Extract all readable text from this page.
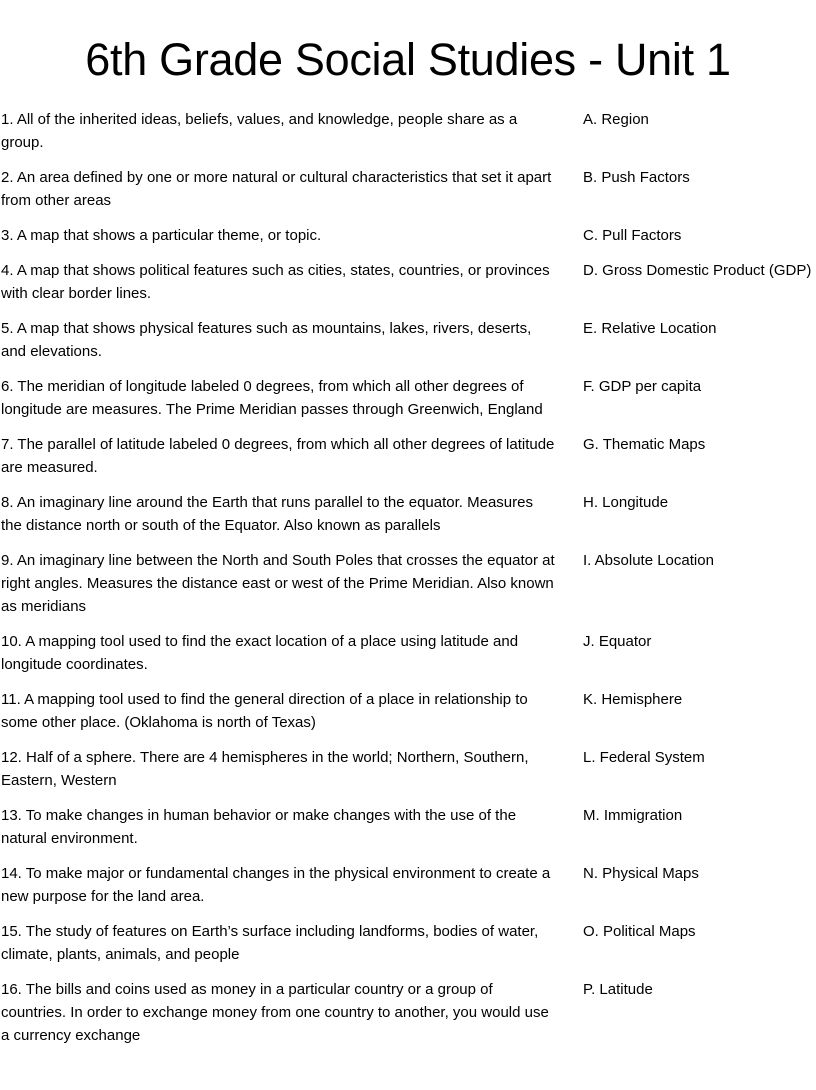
6th Grade Social Studies - Unit 1
1. All of the inherited ideas, beliefs, values, and knowledge, people share as a group.
A. Region
2. An area defined by one or more natural or cultural characteristics that set it apart from other areas
B. Push Factors
3. A map that shows a particular theme, or topic.	C. Pull Factors
4. A map that shows political features such as cities, states, countries, or provinces with clear border lines.
D. Gross Domestic Product (GDP)
5. A map that shows physical features such as mountains, lakes, rivers, deserts, and elevations.
E. Relative Location
6. The meridian of longitude labeled 0 degrees, from which all other degrees of longitude are measures. The Prime Meridian passes through Greenwich, England
F. GDP per capita
7. The parallel of latitude labeled 0 degrees, from which all other degrees of latitude are measured.
G. Thematic Maps
8. An imaginary line around the Earth that runs parallel to the equator. Measures the distance north or south of the Equator. Also known as parallels
H. Longitude
9. An imaginary line between the North and South Poles that crosses the equator at right angles. Measures the distance east or west of the Prime Meridian. Also known as meridians
I. Absolute Location
10. A mapping tool used to find the exact location of a place using latitude and longitude coordinates.
J. Equator
11. A mapping tool used to find the general direction of a place in relationship to some other place. (Oklahoma is north of Texas)
K. Hemisphere
12. Half of a sphere. There are 4 hemispheres in the world; Northern, Southern, Eastern, Western
L. Federal System
13. To make changes in human behavior or make changes with the use of the natural environment.
M. Immigration
14. To make major or fundamental changes in the physical environment to create a new purpose for the land area.
N. Physical Maps
15. The study of features on Earth’s surface including landforms, bodies of water, climate, plants, animals, and people
O. Political Maps
16. The bills and coins used as money in a particular country or a group of countries. In order to exchange money from one country to another, you would use a currency exchange
P. Latitude
